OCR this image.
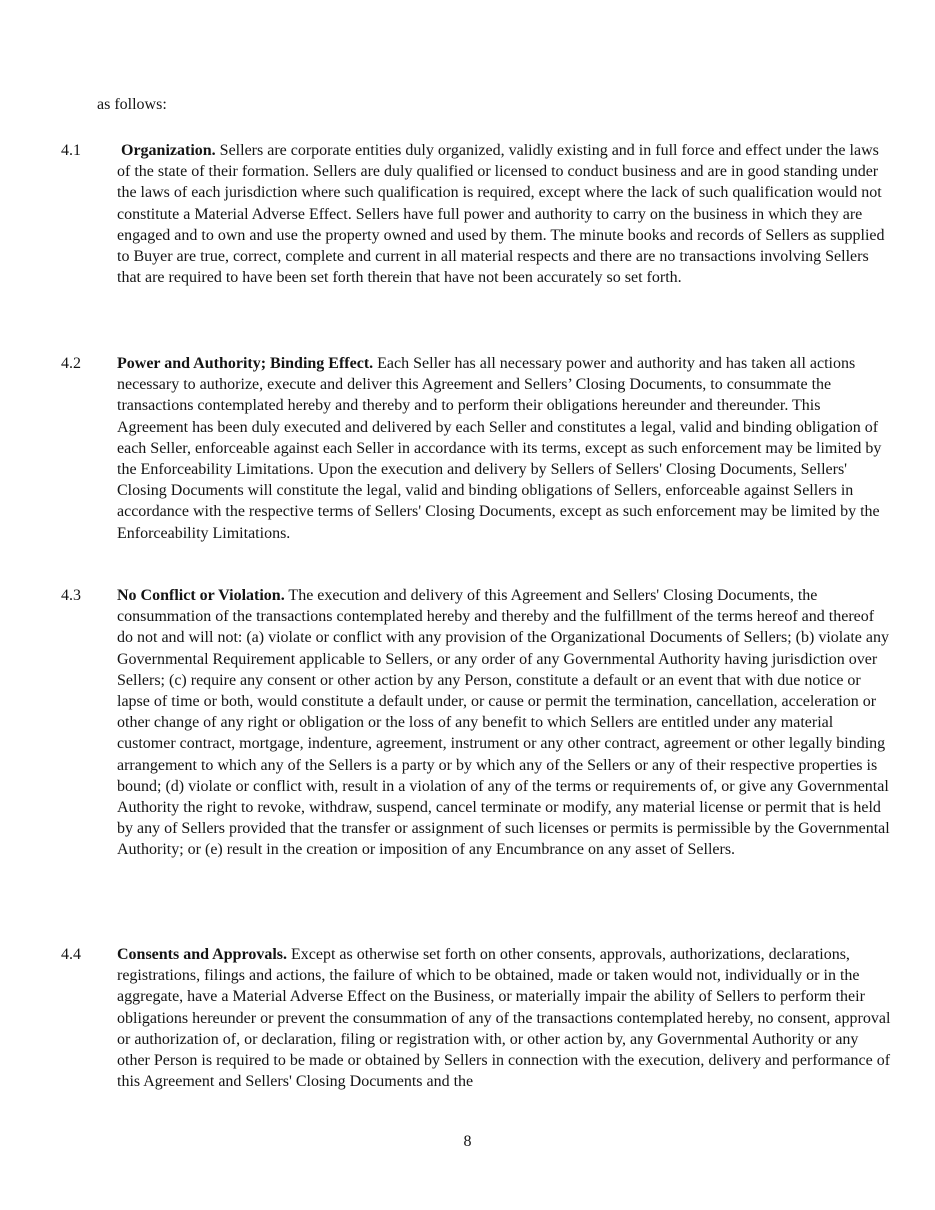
as follows:

4.1	Organization. Sellers are corporate entities duly organized, validly existing and in full force and effect under the laws of the state of their formation. Sellers are duly qualified or licensed to conduct business and are in good standing under the laws of each jurisdiction where such qualification is required, except where the lack of such qualification would not constitute a Material Adverse Effect. Sellers have full power and authority to carry on the business in which they are engaged and to own and use the property owned and used by them. The minute books and records of Sellers as supplied to Buyer are true, correct, complete and current in all material respects and there are no transactions involving Sellers that are required to have been set forth therein that have not been accurately so set forth.

4.2 Power and Authority; Binding Effect. Each Seller has all necessary power and authority and has taken all actions necessary to authorize, execute and deliver this Agreement and Sellers’ Closing Documents, to consummate the transactions contemplated hereby and thereby and to perform their obligations hereunder and thereunder. This Agreement has been duly executed and delivered by each Seller and constitutes a legal, valid and binding obligation of each Seller, enforceable against each Seller in accordance with its terms, except as such enforcement may be limited by the Enforceability Limitations. Upon the execution and delivery by Sellers of Sellers' Closing Documents, Sellers' Closing Documents will constitute the legal, valid and binding obligations of Sellers, enforceable against Sellers in accordance with the respective terms of Sellers' Closing Documents, except as such enforcement may be limited by the Enforceability Limitations.

4.3 No Conflict or Violation. The execution and delivery of this Agreement and Sellers' Closing Documents, the consummation of the transactions contemplated hereby and thereby and the fulfillment of the terms hereof and thereof do not and will not: (a) violate or conflict with any provision of the Organizational Documents of Sellers; (b) violate any Governmental Requirement applicable to Sellers, or any order of any Governmental Authority having jurisdiction over Sellers; (c) require any consent or other action by any Person, constitute a default or an event that with due notice or lapse of time or both, would constitute a default under, or cause or permit the termination, cancellation, acceleration or other change of any right or obligation or the loss of any benefit to which Sellers are entitled under any material customer contract, mortgage, indenture, agreement, instrument or any other contract, agreement or other legally binding arrangement to which any of the Sellers is a party or by which any of the Sellers or any of their respective properties is bound; (d) violate or conflict with, result in a violation of any of the terms or requirements of, or give any Governmental Authority the right to revoke, withdraw, suspend, cancel terminate or modify, any material license or permit that is held by any of Sellers provided that the transfer or assignment of such licenses or permits is permissible by the Governmental Authority; or (e) result in the creation or imposition of any Encumbrance on any asset of Sellers.

4.4 Consents and Approvals. Except as otherwise set forth on other consents, approvals, authorizations, declarations, registrations, filings and actions, the failure of which to be obtained, made or taken would not, individually or in the aggregate, have a Material Adverse Effect on the Business, or materially impair the ability of Sellers to perform their obligations hereunder or prevent the consummation of any of the transactions contemplated hereby, no consent, approval or authorization of, or declaration, filing or registration with, or other action by, any Governmental Authority or any other Person is required to be made or obtained by Sellers in connection with the execution, delivery and performance of this Agreement and Sellers' Closing Documents and the

8
